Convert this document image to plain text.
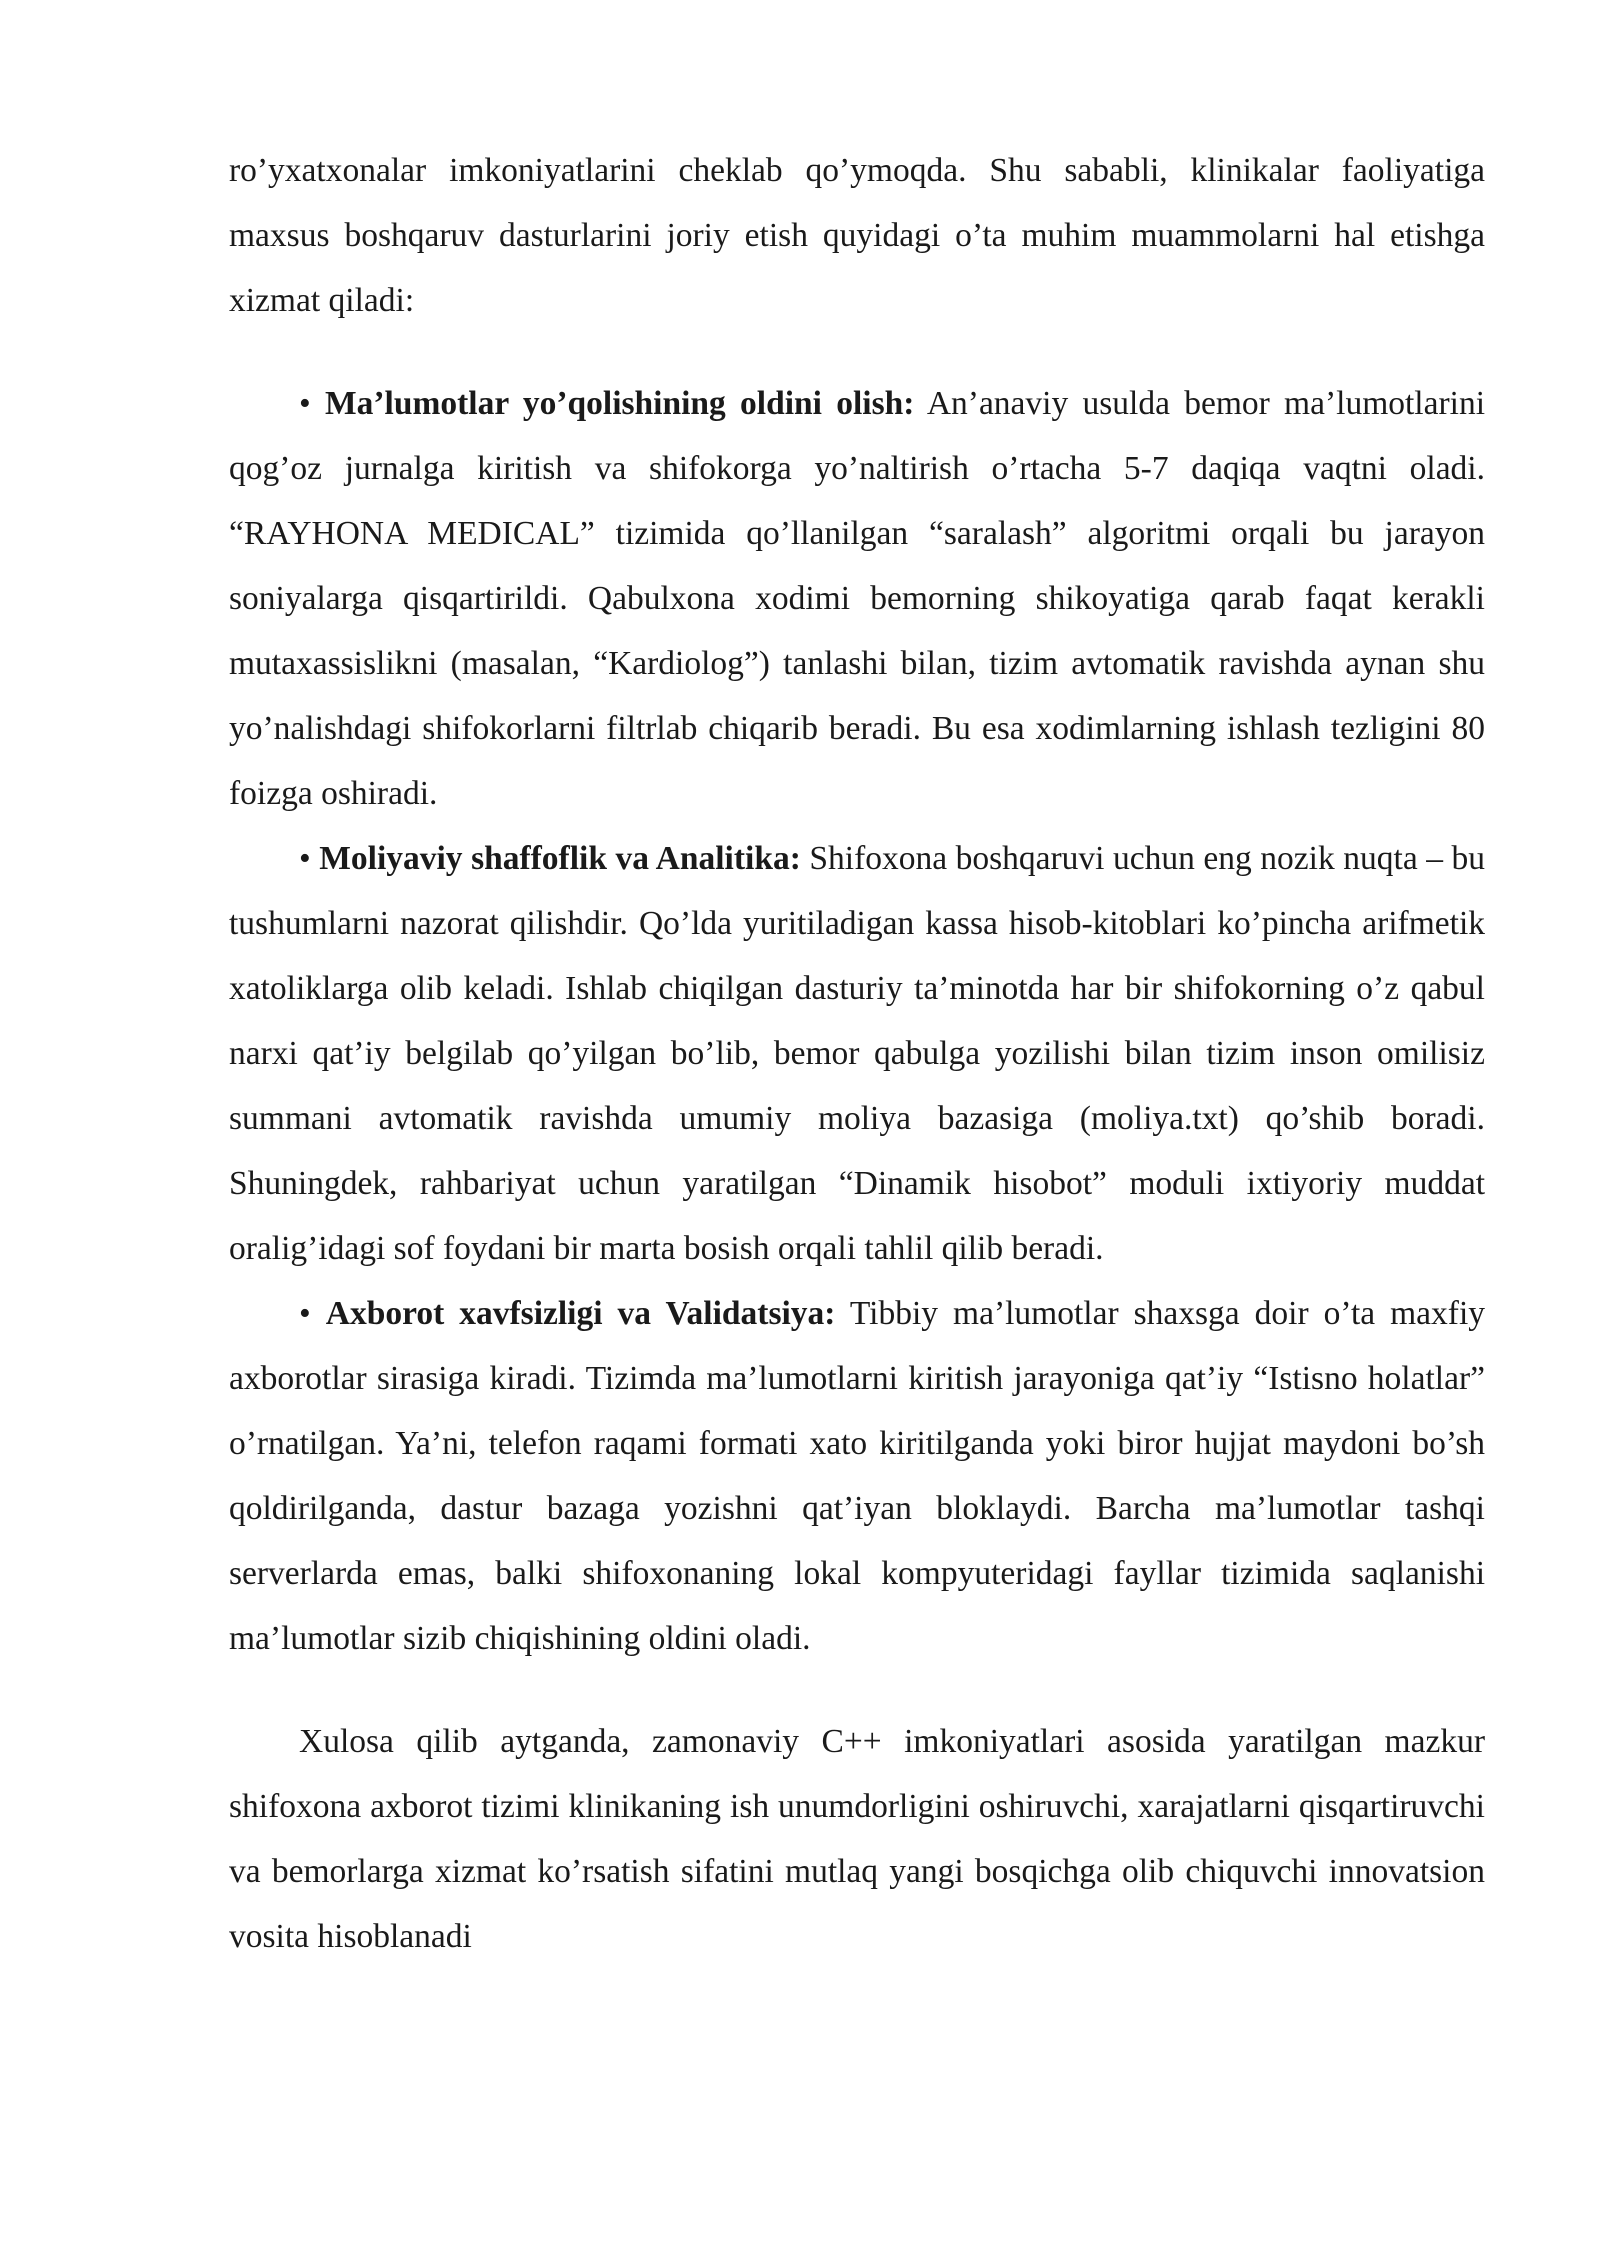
ro’yxatxonalar imkoniyatlarini cheklab qo’ymoqda. Shu sababli, klinikalar faoliyatiga maxsus boshqaruv dasturlarini joriy etish quyidagi o’ta muhim muammolarni hal etishga xizmat qiladi:

• Ma’lumotlar yo’qolishining oldini olish: An’anaviy usulda bemor ma’lumotlarini qog’oz jurnalga kiritish va shifokorga yo’naltirish o’rtacha 5-7 daqiqa vaqtni oladi. “RAYHONA MEDICAL” tizimida qo’llanilgan “saralash” algoritmi orqali bu jarayon soniyalarga qisqartirildi. Qabulxona xodimi bemorning shikoyatiga qarab faqat kerakli mutaxassislikni (masalan, “Kardiolog”) tanlashi bilan, tizim avtomatik ravishda aynan shu yo’nalishdagi shifokorlarni filtrlab chiqarib beradi. Bu esa xodimlarning ishlash tezligini 80 foizga oshiradi.

• Moliyaviy shaffoflik va Analitika: Shifoxona boshqaruvi uchun eng nozik nuqta – bu tushumlarni nazorat qilishdir. Qo’lda yuritiladigan kassa hisob-kitoblari ko’pincha arifmetik xatoliklarga olib keladi. Ishlab chiqilgan dasturiy ta’minotda har bir shifokorning o’z qabul narxi qat’iy belgilab qo’yilgan bo’lib, bemor qabulga yozilishi bilan tizim inson omilisiz summani avtomatik ravishda umumiy moliya bazasiga (moliya.txt) qo’shib boradi. Shuningdek, rahbariyat uchun yaratilgan “Dinamik hisobot” moduli ixtiyoriy muddat oralig’idagi sof foydani bir marta bosish orqali tahlil qilib beradi.

• Axborot xavfsizligi va Validatsiya: Tibbiy ma’lumotlar shaxsga doir o’ta maxfiy axborotlar sirasiga kiradi. Tizimda ma’lumotlarni kiritish jarayoniga qat’iy “Istisno holatlar” o’rnatilgan. Ya’ni, telefon raqami formati xato kiritilganda yoki biror hujjat maydoni bo’sh qoldirilganda, dastur bazaga yozishni qat’iyan bloklaydi. Barcha ma’lumotlar tashqi serverlarda emas, balki shifoxonaning lokal kompyuteridagi fayllar tizimida saqlanishi ma’lumotlar sizib chiqishining oldini oladi.

Xulosa qilib aytganda, zamonaviy C++ imkoniyatlari asosida yaratilgan mazkur shifoxona axborot tizimi klinikaning ish unumdorligini oshiruvchi, xarajatlarni qisqartiruvchi va bemorlarga xizmat ko’rsatish sifatini mutlaq yangi bosqichga olib chiquvchi innovatsion vosita hisoblanadi
